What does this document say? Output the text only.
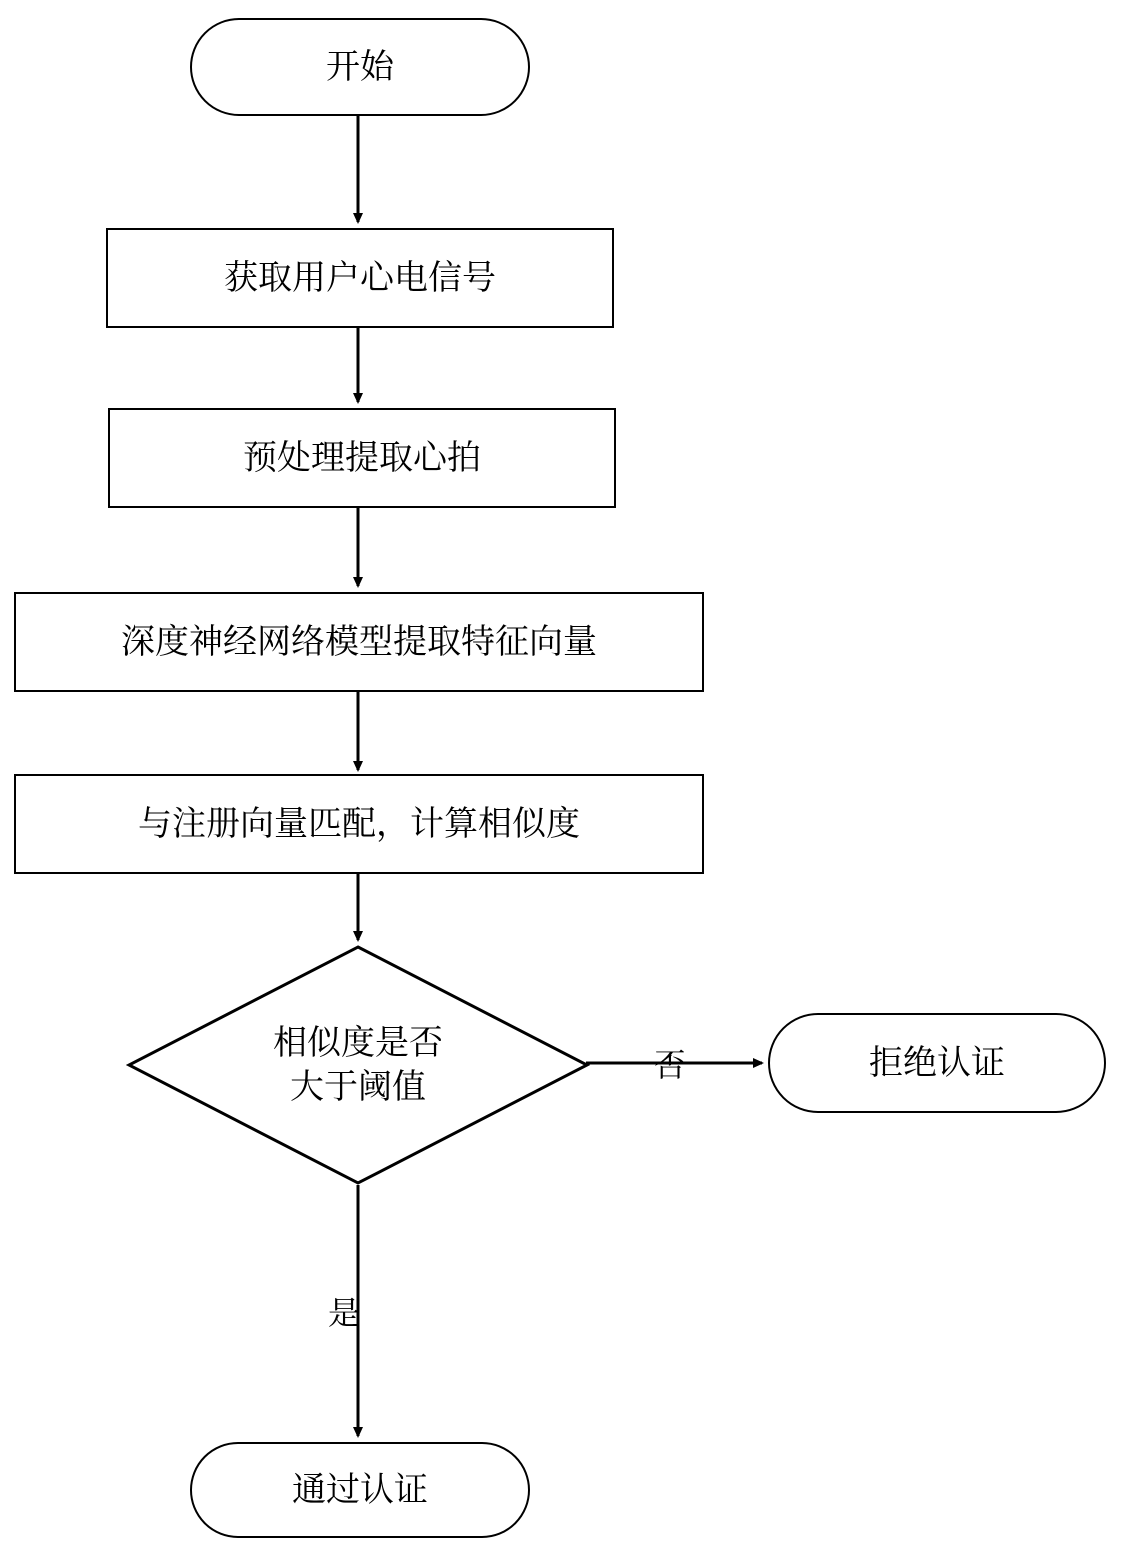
开始
获取用户心电信号
预处理提取心拍
深度神经网络模型提取特征向量
与注册向量匹配，计算相似度
相似度是否
大于阈值
否
是
拒绝认证
通过认证
